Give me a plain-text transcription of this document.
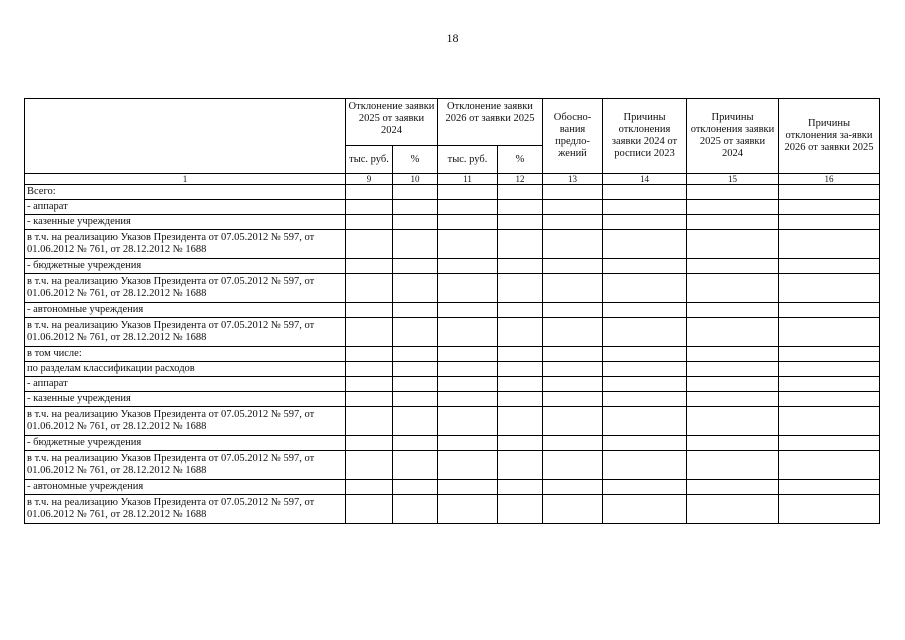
18
	Отклонение заявки 2025 от заявки 2024		Отклонение заявки 2026 от заявки 2025		Обосно-вания предло-жений	Причины отклонения заявки 2024 от росписи 2023	Причины отклонения заявки 2025 от заявки 2024	Причины отклонения за-явки 2026 от заявки 2025
	тыс. руб.	%	тыс. руб.	%				
1	9	10	11	12	13	14	15	16
Всего:								
- аппарат								
- казенные учреждения								
в т.ч. на реализацию Указов Президента от 07.05.2012 № 597, от 01.06.2012 № 761, от 28.12.2012 № 1688								
- бюджетные учреждения								
в т.ч. на реализацию Указов Президента от 07.05.2012 № 597, от 01.06.2012 № 761, от 28.12.2012 № 1688								
- автономные учреждения								
в т.ч. на реализацию Указов Президента от 07.05.2012 № 597, от 01.06.2012 № 761, от 28.12.2012 № 1688								
в том числе:								
по разделам классификации расходов								
- аппарат								
- казенные учреждения								
в т.ч. на реализацию Указов Президента от 07.05.2012 № 597, от 01.06.2012 № 761, от 28.12.2012 № 1688								
- бюджетные учреждения								
в т.ч. на реализацию Указов Президента от 07.05.2012 № 597, от 01.06.2012 № 761, от 28.12.2012 № 1688								
- автономные учреждения								
в т.ч. на реализацию Указов Президента от 07.05.2012 № 597, от 01.06.2012 № 761, от 28.12.2012 № 1688								
